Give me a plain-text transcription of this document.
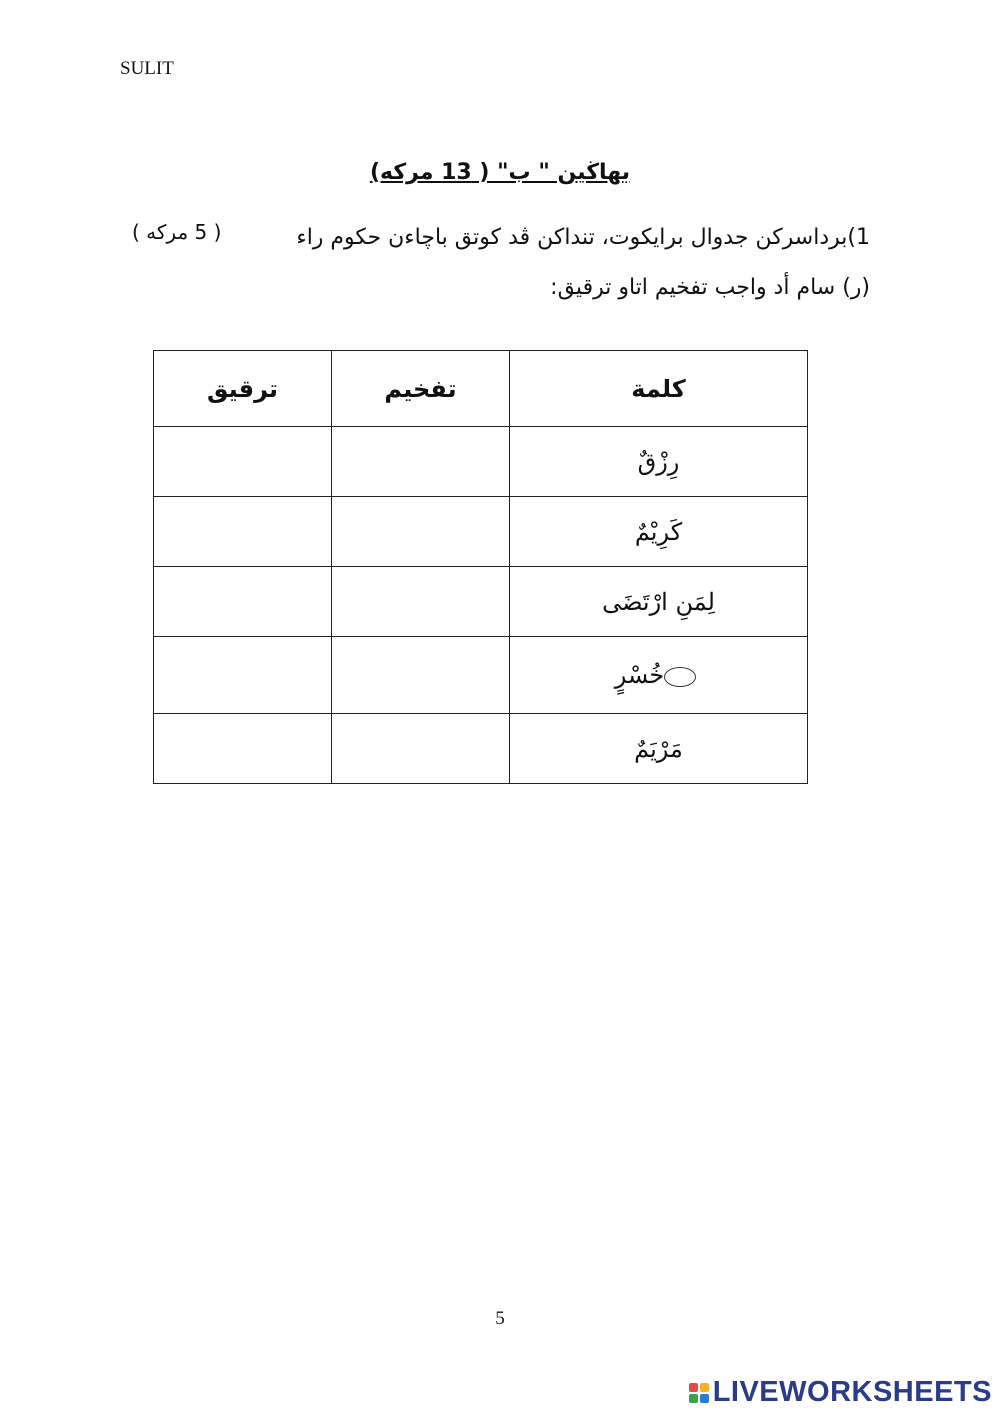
SULIT
بهاڬين " ب" ( 13 مركه)
1)برداسركن جدوال برايكوت، تنداكن ڤد كوتق باچاءن حكوم راء
( 5 مركه )
(ر) سام أد واجب تفخيم اتاو ترقيق:
ترقيق	تفخيم	كلمة
		رِزْقٌ
		كَرِيْمٌ
		لِمَنِ ارْتَضَى
		خُسْرٍ
		مَرْيَمٌ
5
LIVEWORKSHEETS
